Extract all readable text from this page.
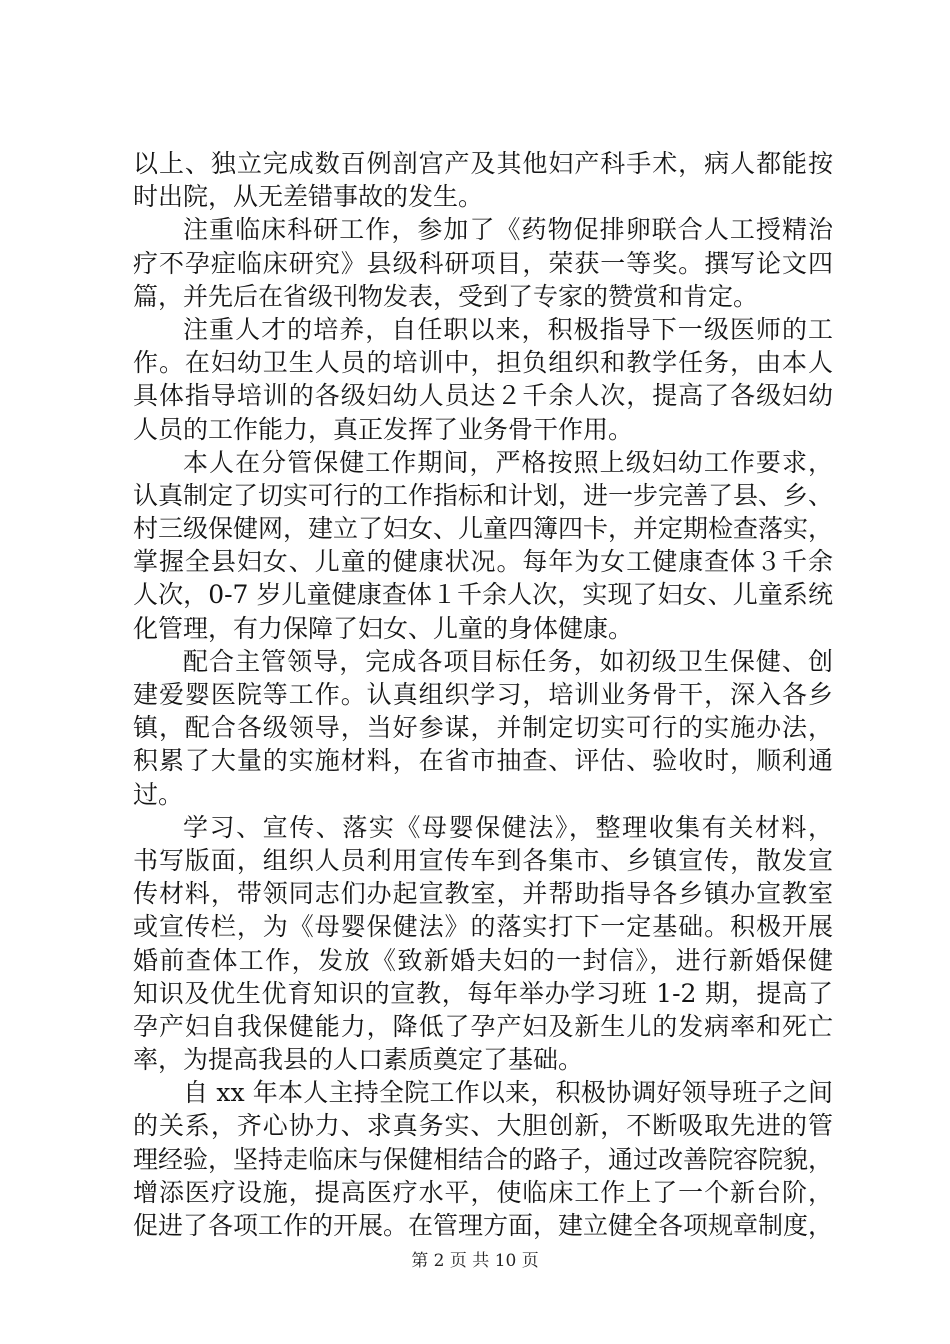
以上、独立完成数百例剖宫产及其他妇产科手术，病人都能按
时出院，从无差错事故的发生。
注重临床科研工作，参加了《药物促排卵联合人工授精治
疗不孕症临床研究》县级科研项目，荣获一等奖。撰写论文四
篇，并先后在省级刊物发表，受到了专家的赞赏和肯定。
注重人才的培养，自任职以来，积极指导下一级医师的工
作。在妇幼卫生人员的培训中，担负组织和教学任务，由本人
具体指导培训的各级妇幼人员达２千余人次，提高了各级妇幼
人员的工作能力，真正发挥了业务骨干作用。
本人在分管保健工作期间，严格按照上级妇幼工作要求，
认真制定了切实可行的工作指标和计划，进一步完善了县、乡、
村三级保健网，建立了妇女、儿童四簿四卡，并定期检查落实，
掌握全县妇女、儿童的健康状况。每年为女工健康查体３千余
人次，0-7 岁儿童健康查体１千余人次，实现了妇女、儿童系统
化管理，有力保障了妇女、儿童的身体健康。
配合主管领导，完成各项目标任务，如初级卫生保健、创
建爱婴医院等工作。认真组织学习，培训业务骨干，深入各乡
镇，配合各级领导，当好参谋，并制定切实可行的实施办法，
积累了大量的实施材料，在省市抽查、评估、验收时，顺利通
过。
学习、宣传、落实《母婴保健法》，整理收集有关材料，
书写版面，组织人员利用宣传车到各集市、乡镇宣传，散发宣
传材料，带领同志们办起宣教室，并帮助指导各乡镇办宣教室
或宣传栏，为《母婴保健法》的落实打下一定基础。积极开展
婚前查体工作，发放《致新婚夫妇的一封信》，进行新婚保健
知识及优生优育知识的宣教，每年举办学习班 1-2 期，提高了
孕产妇自我保健能力，降低了孕产妇及新生儿的发病率和死亡
率，为提高我县的人口素质奠定了基础。
自 xx 年本人主持全院工作以来，积极协调好领导班子之间
的关系，齐心协力、求真务实、大胆创新，不断吸取先进的管
理经验，坚持走临床与保健相结合的路子，通过改善院容院貌，
增添医疗设施，提高医疗水平，使临床工作上了一个新台阶，
促进了各项工作的开展。在管理方面，建立健全各项规章制度，
第 2 页 共 10 页
